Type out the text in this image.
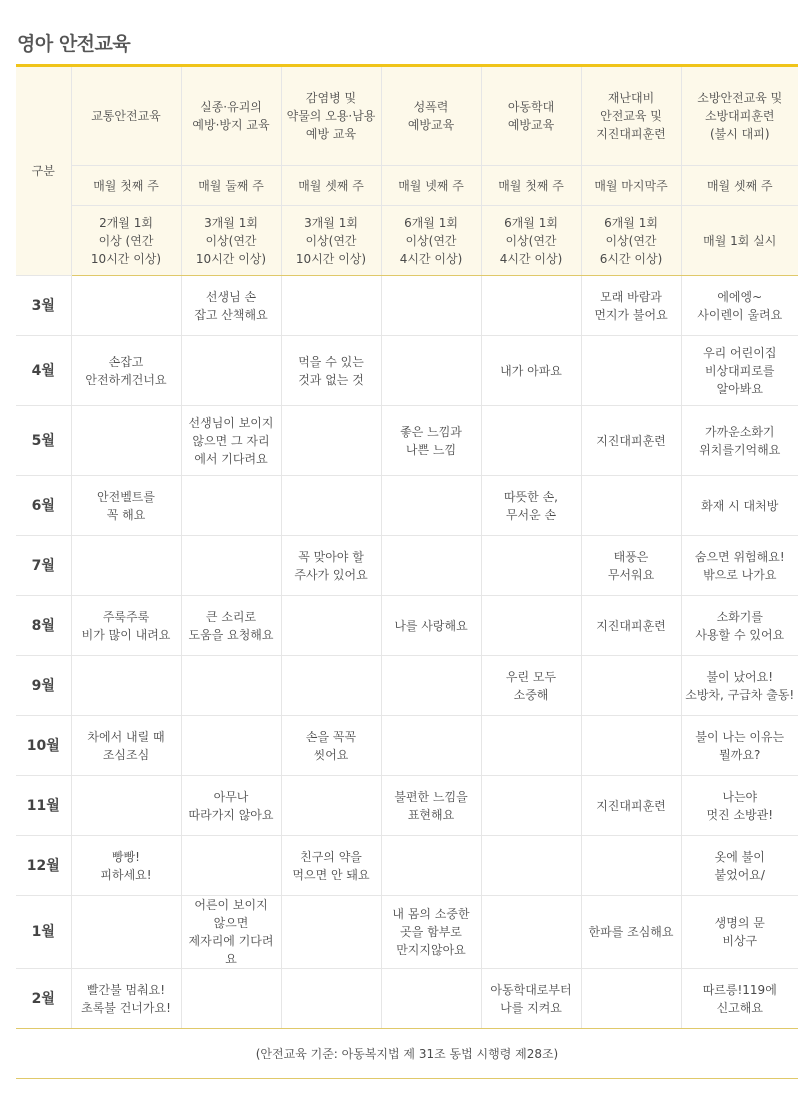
영아 안전교육
구분	교통안전교육	실종·유괴의
예방·방지 교육	감염병 및
약물의 오용·남용
예방 교육	성폭력
예방교육	아동학대
예방교육	재난대비
안전교육 및
지진대피훈련	소방안전교육 및
소방대피훈련
(불시 대피)
	매월 첫째 주	매월 둘째 주	매월 셋째 주	매월 넷째 주	매월 첫째 주	매월 마지막주	매월 셋째 주
	2개월 1회
이상 (연간
10시간 이상)	3개월 1회
이상(연간
10시간 이상)	3개월 1회
이상(연간
10시간 이상)	6개월 1회
이상(연간
4시간 이상)	6개월 1회
이상(연간
4시간 이상)	6개월 1회
이상(연간
6시간 이상)	매월 1회 실시
3월		선생님 손
잡고 산책해요				모래 바람과
먼지가 불어요	에에엥~
사이렌이 울려요
4월	손잡고
안전하게건너요		먹을 수 있는
것과 없는 것		내가 아파요		우리 어린이집
비상대피로를
알아봐요
5월		선생님이 보이지
않으면 그 자리
에서 기다려요		좋은 느낌과
나쁜 느낌		지진대피훈련	가까운소화기
위치를기억해요
6월	안전벨트를
꼭 해요				따뜻한 손,
무서운 손		화재 시 대처방
7월			꼭 맞아야 할
주사가 있어요			태풍은
무서워요	숨으면 위험해요!
밖으로 나가요
8월	주룩주룩
비가 많이 내려요	큰 소리로
도움을 요청해요		나를 사랑해요		지진대피훈련	소화기를
사용할 수 있어요
9월					우린 모두
소중해		불이 났어요!
소방차, 구급차 출동!
10월	차에서 내릴 때
조심조심		손을 꼭꼭
씻어요				불이 나는 이유는
뭘까요?
11월		아무나
따라가지 않아요		불편한 느낌을
표현해요		지진대피훈련	나는야
멋진 소방관!
12월	빵빵!
피하세요!		친구의 약을
먹으면 안 돼요				옷에 불이
붙었어요/
1월		어른이 보이지
않으면
제자리에 기다려요		내 몸의 소중한
곳을 함부로
만지지않아요		한파를 조심해요	생명의 문
비상구
2월	빨간불 멈춰요!
초록불 건너가요!				아동학대로부터
나를 지켜요		따르릉!119에
신고해요
(안전교육 기준: 아동복지법 제 31조 동법 시행령 제28조)							
